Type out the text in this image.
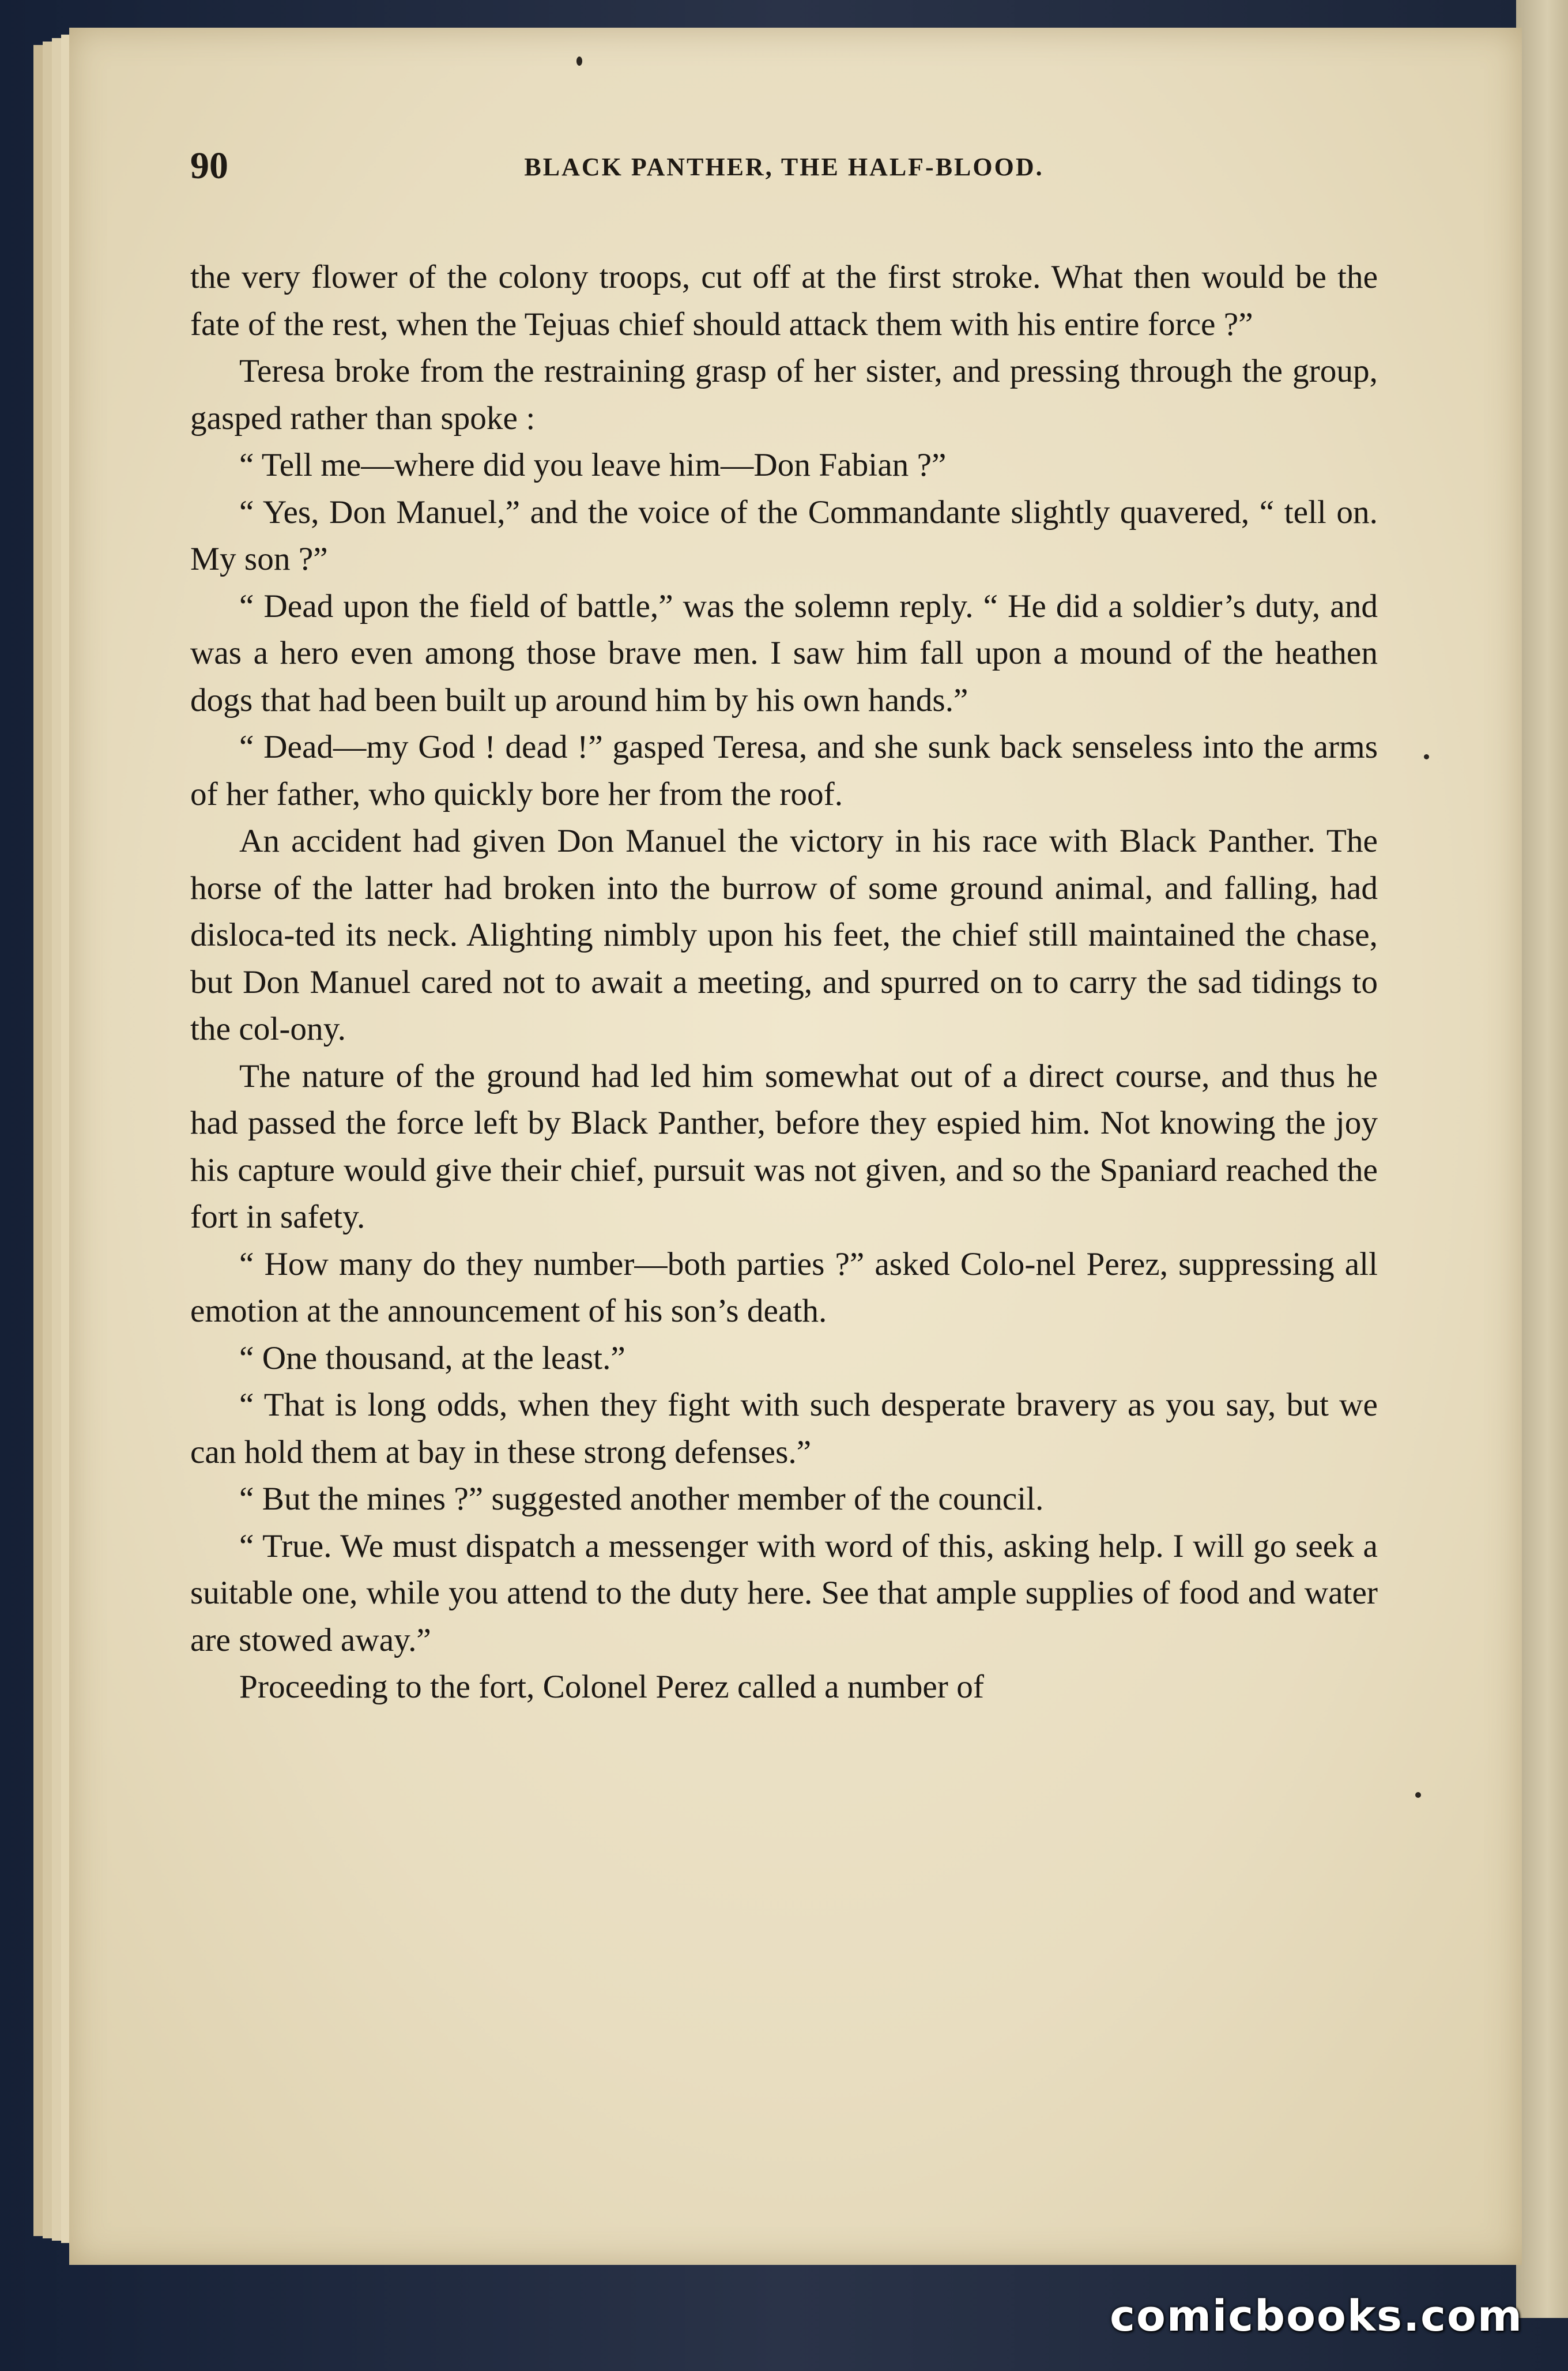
90	BLACK PANTHER, THE HALF-BLOOD.

the very flower of the colony troops, cut off at the first stroke. What then would be the fate of the rest, when the Tejuas chief should attack them with his entire force ?”

Teresa broke from the restraining grasp of her sister, and pressing through the group, gasped rather than spoke :

“ Tell me—where did you leave him—Don Fabian ?”

“ Yes, Don Manuel,” and the voice of the Commandante slightly quavered, “ tell on. My son ?”

“ Dead upon the field of battle,” was the solemn reply. “ He did a soldier’s duty, and was a hero even among those brave men. I saw him fall upon a mound of the heathen dogs that had been built up around him by his own hands.”

“ Dead—my God ! dead !” gasped Teresa, and she sunk back senseless into the arms of her father, who quickly bore her from the roof.

An accident had given Don Manuel the victory in his race with Black Panther. The horse of the latter had broken into the burrow of some ground animal, and falling, had disloca-ted its neck. Alighting nimbly upon his feet, the chief still maintained the chase, but Don Manuel cared not to await a meeting, and spurred on to carry the sad tidings to the col-ony.

The nature of the ground had led him somewhat out of a direct course, and thus he had passed the force left by Black Panther, before they espied him. Not knowing the joy his capture would give their chief, pursuit was not given, and so the Spaniard reached the fort in safety.

“ How many do they number—both parties ?” asked Colo-nel Perez, suppressing all emotion at the announcement of his son’s death.

“ One thousand, at the least.”

“ That is long odds, when they fight with such desperate bravery as you say, but we can hold them at bay in these strong defenses.”

“ But the mines ?” suggested another member of the council.

“ True. We must dispatch a messenger with word of this, asking help. I will go seek a suitable one, while you attend to the duty here. See that ample supplies of food and water are stowed away.”

Proceeding to the fort, Colonel Perez called a number of

comicbooks.com
